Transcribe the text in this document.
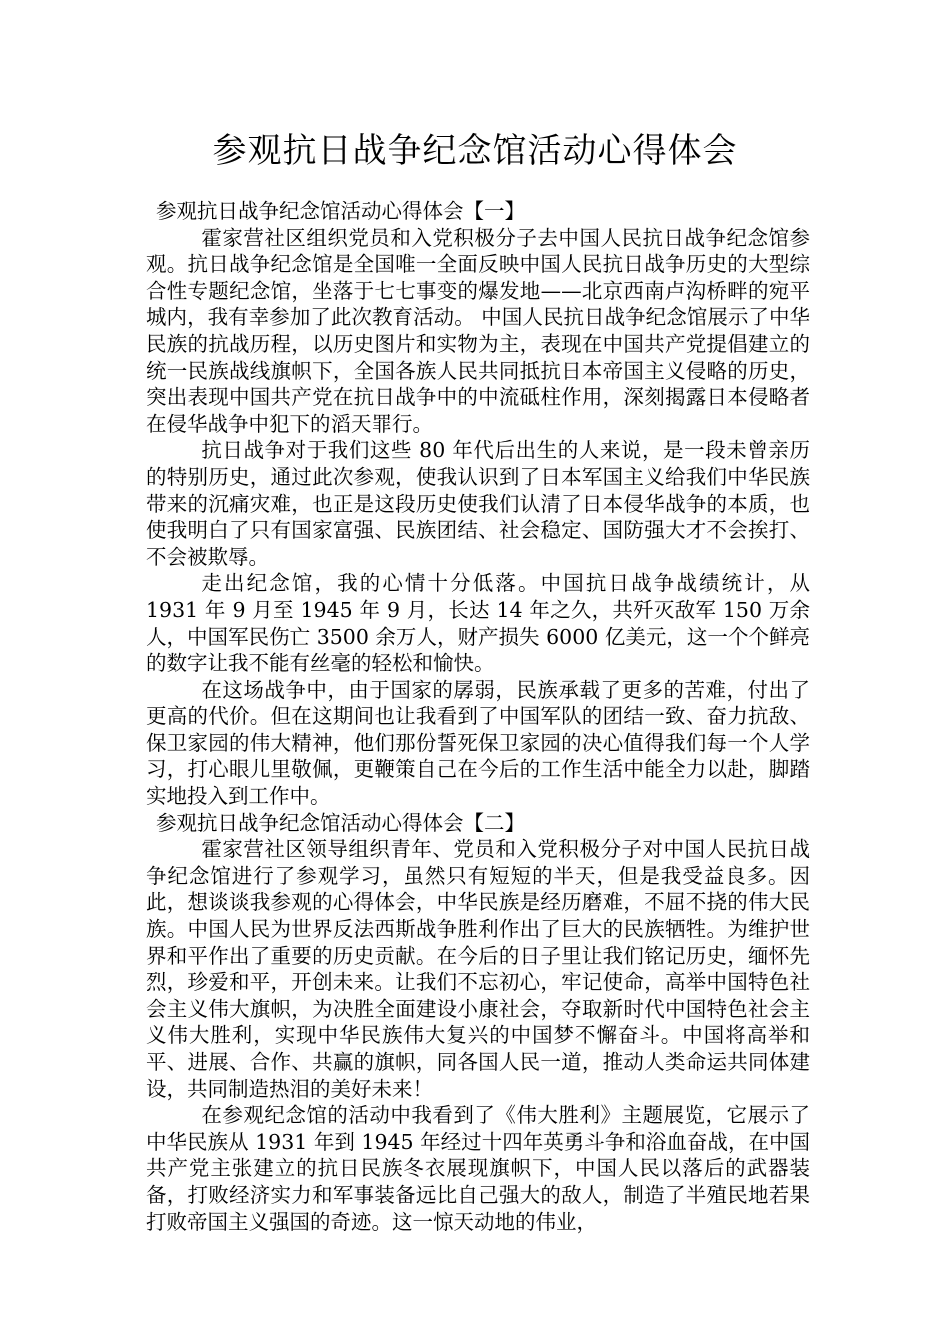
参观抗日战争纪念馆活动心得体会
参观抗日战争纪念馆活动心得体会【一】

霍家营社区组织党员和入党积极分子去中国人民抗日战争纪念馆参观。抗日战争纪念馆是全国唯一全面反映中国人民抗日战争历史的大型综合性专题纪念馆，坐落于七七事变的爆发地——北京西南卢沟桥畔的宛平城内，我有幸参加了此次教育活动。 中国人民抗日战争纪念馆展示了中华民族的抗战历程，以历史图片和实物为主，表现在中国共产党提倡建立的统一民族战线旗帜下，全国各族人民共同抵抗日本帝国主义侵略的历史，突出表现中国共产党在抗日战争中的中流砥柱作用，深刻揭露日本侵略者在侵华战争中犯下的滔天罪行。

抗日战争对于我们这些 80 年代后出生的人来说，是一段未曾亲历的特别历史，通过此次参观，使我认识到了日本军国主义给我们中华民族带来的沉痛灾难，也正是这段历史使我们认清了日本侵华战争的本质，也使我明白了只有国家富强、民族团结、社会稳定、国防强大才不会挨打、不会被欺辱。

走出纪念馆，我的心情十分低落。中国抗日战争战绩统计，从 1931 年 9 月至 1945 年 9 月，长达 14 年之久，共歼灭敌军 150 万余人，中国军民伤亡 3500 余万人，财产损失 6000 亿美元，这一个个鲜亮的数字让我不能有丝毫的轻松和愉快。

在这场战争中，由于国家的孱弱，民族承载了更多的苦难，付出了更高的代价。但在这期间也让我看到了中国军队的团结一致、奋力抗敌、保卫家园的伟大精神，他们那份誓死保卫家园的决心值得我们每一个人学习，打心眼儿里敬佩，更鞭策自己在今后的工作生活中能全力以赴，脚踏实地投入到工作中。

参观抗日战争纪念馆活动心得体会【二】

霍家营社区领导组织青年、党员和入党积极分子对中国人民抗日战争纪念馆进行了参观学习，虽然只有短短的半天，但是我受益良多。因此，想谈谈我参观的心得体会，中华民族是经历磨难，不屈不挠的伟大民族。中国人民为世界反法西斯战争胜利作出了巨大的民族牺牲。为维护世界和平作出了重要的历史贡献。在今后的日子里让我们铭记历史，缅怀先烈，珍爱和平，开创未来。让我们不忘初心，牢记使命，高举中国特色社会主义伟大旗帜，为决胜全面建设小康社会，夺取新时代中国特色社会主义伟大胜利，实现中华民族伟大复兴的中国梦不懈奋斗。中国将高举和平、进展、合作、共赢的旗帜，同各国人民一道，推动人类命运共同体建设，共同制造热泪的美好未来！

在参观纪念馆的活动中我看到了《伟大胜利》主题展览，它展示了中华民族从 1931 年到 1945 年经过十四年英勇斗争和浴血奋战，在中国共产党主张建立的抗日民族冬衣展现旗帜下，中国人民以落后的武器装备，打败经济实力和军事装备远比自己强大的敌人，制造了半殖民地若果打败帝国主义强国的奇迹。这一惊天动地的伟业，
